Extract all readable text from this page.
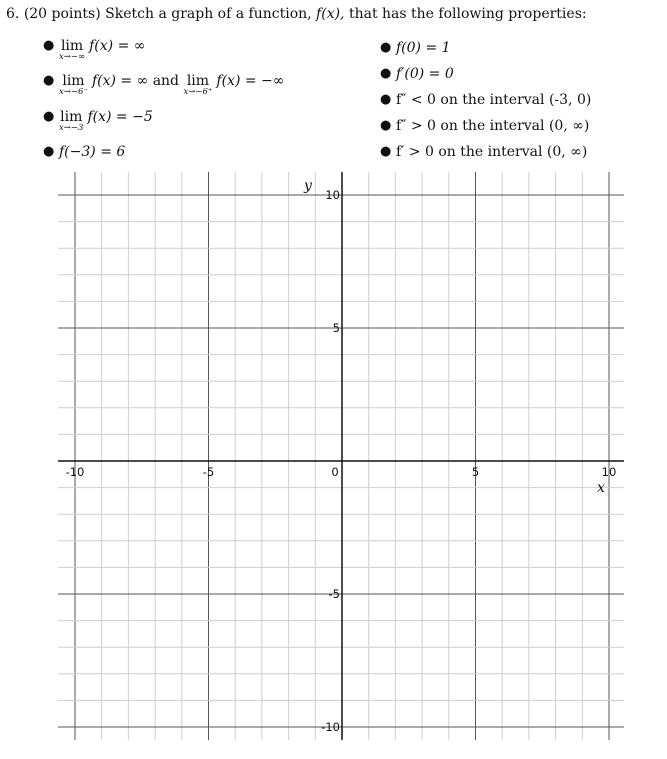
6. (20 points) Sketch a graph of a function, f(x), that has the following properties:
● lim
x→−∞
f(x) = ∞
● lim
x→−6⁻
f(x) = ∞ and lim
x→−6⁺
f(x) = −∞
● lim
x→−3
f(x) = −5
● f(−3) = 6
● f(0) = 1
● f′(0) = 0
● f″ < 0 on the interval (-3, 0)
● f″ > 0 on the interval (0, ∞)
● f′ > 0 on the interval (0, ∞)
-10	-5	0	5	10
10
5
-5
-10
x
y
